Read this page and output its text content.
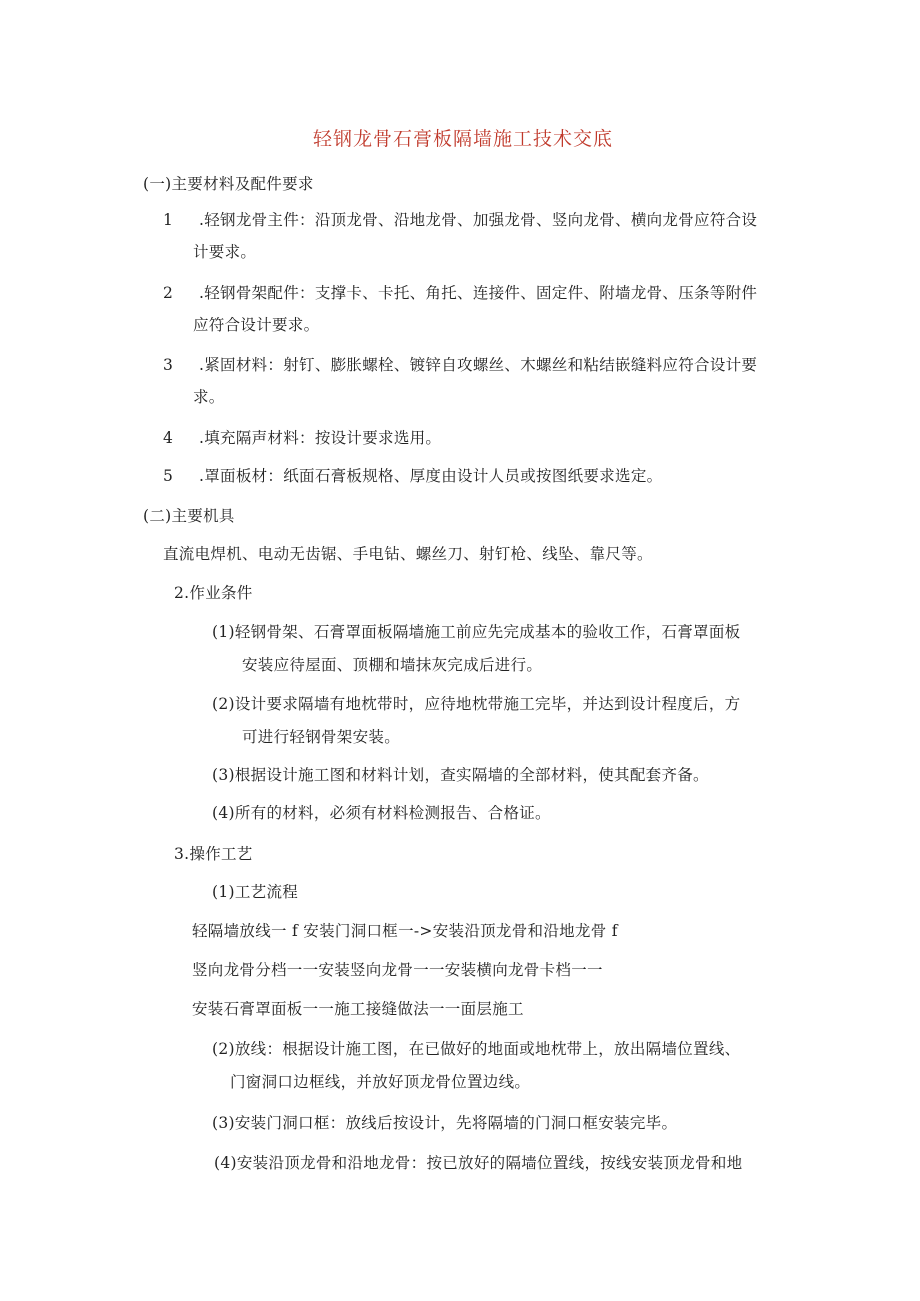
轻钢龙骨石膏板隔墙施工技术交底
(一)主要材料及配件要求
1 .轻钢龙骨主件：沿顶龙骨、沿地龙骨、加强龙骨、竖向龙骨、横向龙骨应符合设
计要求。
2 .轻钢骨架配件：支撑卡、卡托、角托、连接件、固定件、附墙龙骨、压条等附件
应符合设计要求。
3 .紧固材料：射钉、膨胀螺栓、镀锌自攻螺丝、木螺丝和粘结嵌缝料应符合设计要
求。
4 .填充隔声材料：按设计要求选用。
5 .罩面板材：纸面石膏板规格、厚度由设计人员或按图纸要求选定。
(二)主要机具
直流电焊机、电动无齿锯、手电钻、螺丝刀、射钉枪、线坠、靠尺等。
2.作业条件
(1)轻钢骨架、石膏罩面板隔墙施工前应先完成基本的验收工作，石膏罩面板
安装应待屋面、顶棚和墙抹灰完成后进行。
(2)设计要求隔墙有地枕带时，应待地枕带施工完毕，并达到设计程度后，方
可进行轻钢骨架安装。
(3)根据设计施工图和材料计划，查实隔墙的全部材料，使其配套齐备。
(4)所有的材料，必须有材料检测报告、合格证。
3.操作工艺
(1)工艺流程
轻隔墙放线一 f 安装门洞口框一->安装沿顶龙骨和沿地龙骨 f
竖向龙骨分档一一安装竖向龙骨一一安装横向龙骨卡档一一
安装石膏罩面板一一施工接缝做法一一面层施工
(2)放线：根据设计施工图，在已做好的地面或地枕带上，放出隔墙位置线、
门窗洞口边框线，并放好顶龙骨位置边线。
(3)安装门洞口框：放线后按设计，先将隔墙的门洞口框安装完毕。
(4)安装沿顶龙骨和沿地龙骨：按已放好的隔墙位置线，按线安装顶龙骨和地
